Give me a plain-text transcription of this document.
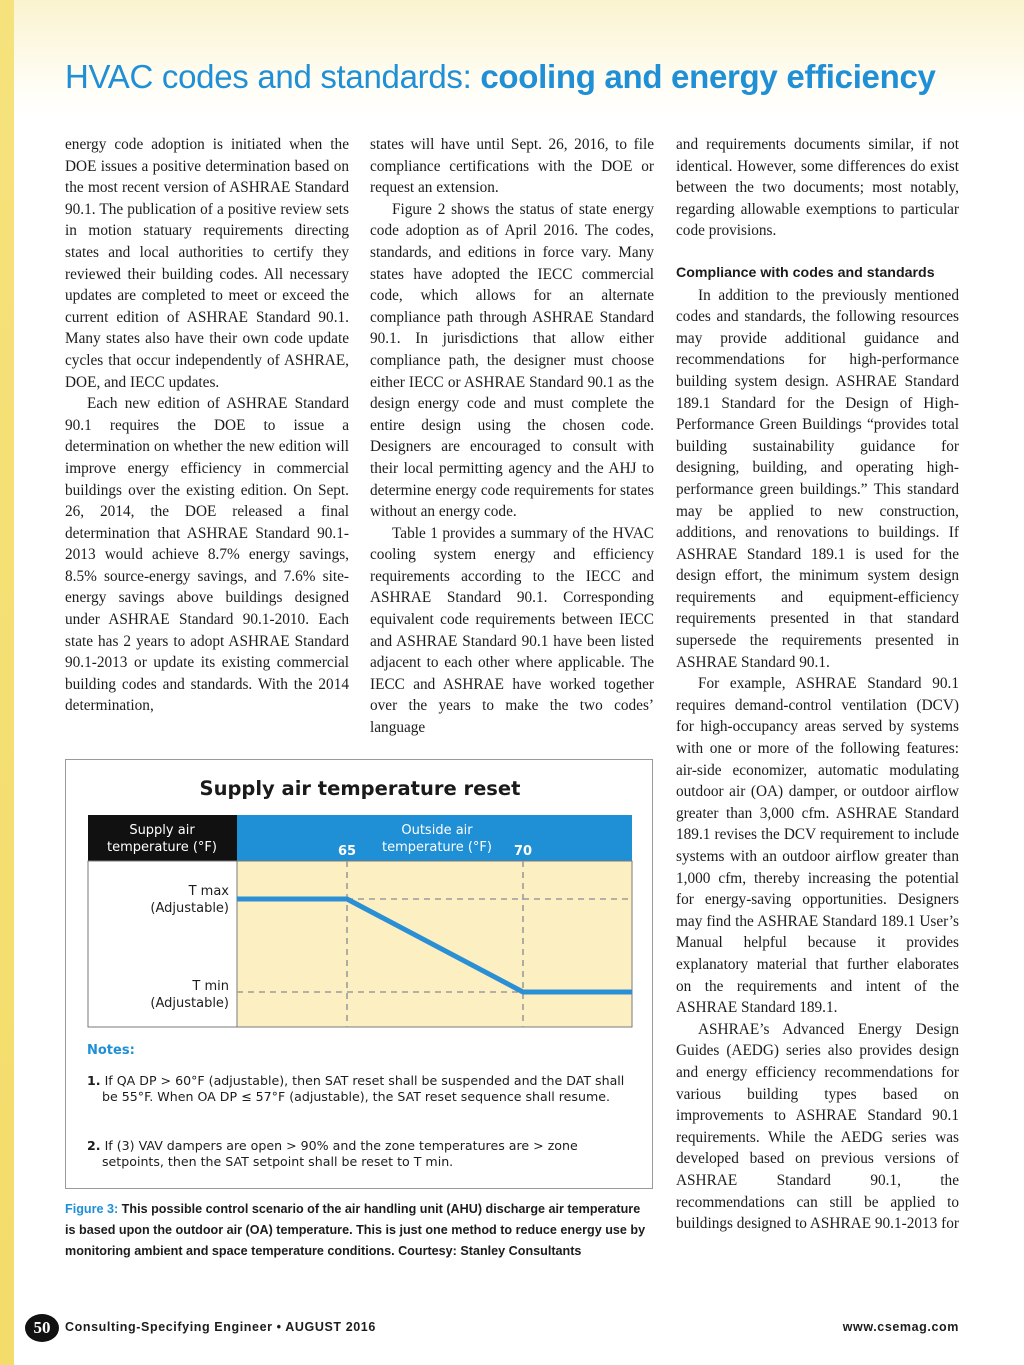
HVAC codes and standards: cooling and energy efficiency

energy code adoption is initiated when the DOE issues a positive determination based on the most recent version of ASHRAE Standard 90.1. The publication of a positive review sets in motion statuary requirements directing states and local authorities to certify they reviewed their building codes. All necessary updates are completed to meet or exceed the current edition of ASHRAE Standard 90.1. Many states also have their own code update cycles that occur independently of ASHRAE, DOE, and IECC updates.

Each new edition of ASHRAE Standard 90.1 requires the DOE to issue a determination on whether the new edition will improve energy efficiency in commercial buildings over the existing edition. On Sept. 26, 2014, the DOE released a final determination that ASHRAE Standard 90.1-2013 would achieve 8.7% energy savings, 8.5% source-energy savings, and 7.6% site-energy savings above buildings designed under ASHRAE Standard 90.1-2010. Each state has 2 years to adopt ASHRAE Standard 90.1-2013 or update its existing commercial building codes and standards. With the 2014 determination,

states will have until Sept. 26, 2016, to file compliance certifications with the DOE or request an extension.

Figure 2 shows the status of state energy code adoption as of April 2016. The codes, standards, and editions in force vary. Many states have adopted the IECC commercial code, which allows for an alternate compliance path through ASHRAE Standard 90.1. In jurisdictions that allow either compliance path, the designer must choose either IECC or ASHRAE Standard 90.1 as the design energy code and must complete the entire design using the chosen code. Designers are encouraged to consult with their local permitting agency and the AHJ to determine energy code requirements for states without an energy code.

Table 1 provides a summary of the HVAC cooling system energy and efficiency requirements according to the IECC and ASHRAE Standard 90.1. Corresponding equivalent code requirements between IECC and ASHRAE Standard 90.1 have been listed adjacent to each other where applicable. The IECC and ASHRAE have worked together over the years to make the two codes’ language

and requirements documents similar, if not identical. However, some differences do exist between the two documents; most notably, regarding allowable exemptions to particular code provisions.

Compliance with codes and standards

In addition to the previously mentioned codes and standards, the following resources may provide additional guidance and recommendations for high-performance building system design. ASHRAE Standard 189.1 Standard for the Design of High-Performance Green Buildings “provides total building sustainability guidance for designing, building, and operating high-performance green buildings.” This standard may be applied to new construction, additions, and renovations to buildings. If ASHRAE Standard 189.1 is used for the design effort, the minimum system design requirements and equipment-efficiency requirements presented in that standard supersede the requirements presented in ASHRAE Standard 90.1.

For example, ASHRAE Standard 90.1 requires demand-control ventilation (DCV) for high-occupancy areas served by systems with one or more of the following features: air-side economizer, automatic modulating outdoor air (OA) damper, or outdoor airflow greater than 3,000 cfm. ASHRAE Standard 189.1 revises the DCV requirement to include systems with an outdoor airflow greater than 1,000 cfm, thereby increasing the potential for energy-saving opportunities. Designers may find the ASHRAE Standard 189.1 User’s Manual helpful because it provides explanatory material that further elaborates on the requirements and intent of the ASHRAE Standard 189.1.

ASHRAE’s Advanced Energy Design Guides (AEDG) series also provides design and energy efficiency recommendations for various building types based on improvements to ASHRAE Standard 90.1 requirements. While the AEDG series was developed based on previous versions of ASHRAE Standard 90.1, the recommendations can still be applied to buildings designed to ASHRAE 90.1-2013 for

Supply air temperature reset
Supply air
temperature (°F)
Outside air
temperature (°F)
65	70
T max
(Adjustable)
T min
(Adjustable)
Notes:
1. If QA DP > 60°F (adjustable), then SAT reset shall be suspended and the DAT shall be 55°F. When OA DP ≤ 57°F (adjustable), the SAT reset sequence shall resume.
2. If (3) VAV dampers are open > 90% and the zone temperatures are > zone setpoints, then the SAT setpoint shall be reset to T min.
Figure 3: This possible control scenario of the air handling unit (AHU) discharge air temperature is based upon the outdoor air (OA) temperature. This is just one method to reduce energy use by monitoring ambient and space temperature conditions. Courtesy: Stanley Consultants
50	Consulting-Specifying Engineer • AUGUST 2016	www.csemag.com
